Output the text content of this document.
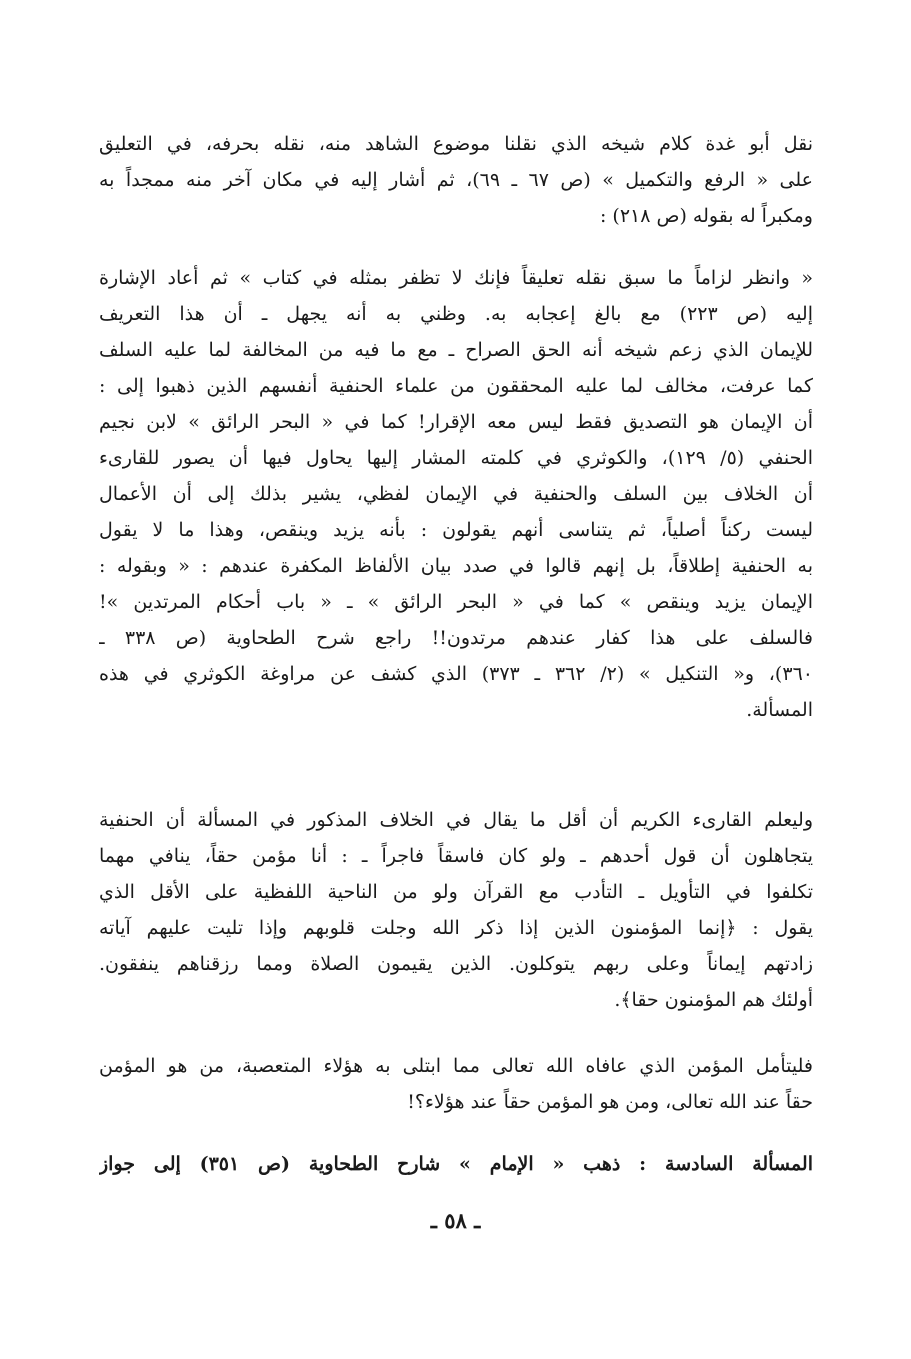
نقل أبو غدة كلام شيخه الذي نقلنا موضوع الشاهد منه، نقله بحرفه، في التعليق
على « الرفع والتكميل » (ص ٦٧ ـ ٦٩)، ثم أشار إليه في مكان آخر منه ممجداً به
ومكبراً له بقوله (ص ٢١٨) :
« وانظر لزاماً ما سبق نقله تعليقاً فإنك لا تظفر بمثله في كتاب » ثم أعاد الإشارة
إليه (ص ٢٢٣) مع بالغ إعجابه به. وظني به أنه يجهل ـ أن هذا التعريف
للإيمان الذي زعم شيخه أنه الحق الصراح ـ مع ما فيه من المخالفة لما عليه السلف
كما عرفت، مخالف لما عليه المحققون من علماء الحنفية أنفسهم الذين ذهبوا إلى :
أن الإيمان هو التصديق فقط ليس معه الإقرار! كما في « البحر الرائق » لابن نجيم
الحنفي (٥/ ١٢٩)، والكوثري في كلمته المشار إليها يحاول فيها أن يصور للقارىء
أن الخلاف بين السلف والحنفية في الإيمان لفظي، يشير بذلك إلى أن الأعمال
ليست ركناً أصلياً، ثم يتناسى أنهم يقولون : بأنه يزيد وينقص، وهذا ما لا يقول
به الحنفية إطلاقاً، بل إنهم قالوا في صدد بيان الألفاظ المكفرة عندهم : « وبقوله :
الإيمان يزيد وينقص » كما في « البحر الرائق » ـ « باب أحكام المرتدين »!
فالسلف على هذا كفار عندهم مرتدون!! راجع شرح الطحاوية (ص ٣٣٨ ـ
٣٦٠)، و« التنكيل » (٢/ ٣٦٢ ـ ٣٧٣) الذي كشف عن مراوغة الكوثري في هذه
المسألة.
وليعلم القارىء الكريم أن أقل ما يقال في الخلاف المذكور في المسألة أن الحنفية
يتجاهلون أن قول أحدهم ـ ولو كان فاسقاً فاجراً ـ : أنا مؤمن حقاً، ينافي مهما
تكلفوا في التأويل ـ التأدب مع القرآن ولو من الناحية اللفظية على الأقل الذي
يقول : ﴿إنما المؤمنون الذين إذا ذكر الله وجلت قلوبهم وإذا تليت عليهم آياته
زادتهم إيماناً وعلى ربهم يتوكلون. الذين يقيمون الصلاة ومما رزقناهم ينفقون.
أولئك هم المؤمنون حقا﴾.
فليتأمل المؤمن الذي عافاه الله تعالى مما ابتلى به هؤلاء المتعصبة، من هو المؤمن
حقاً عند الله تعالى، ومن هو المؤمن حقاً عند هؤلاء؟!
المسألة السادسة : ذهب « الإمام » شارح الطحاوية (ص ٣٥١) إلى جواز
ـ ٥٨ ـ
